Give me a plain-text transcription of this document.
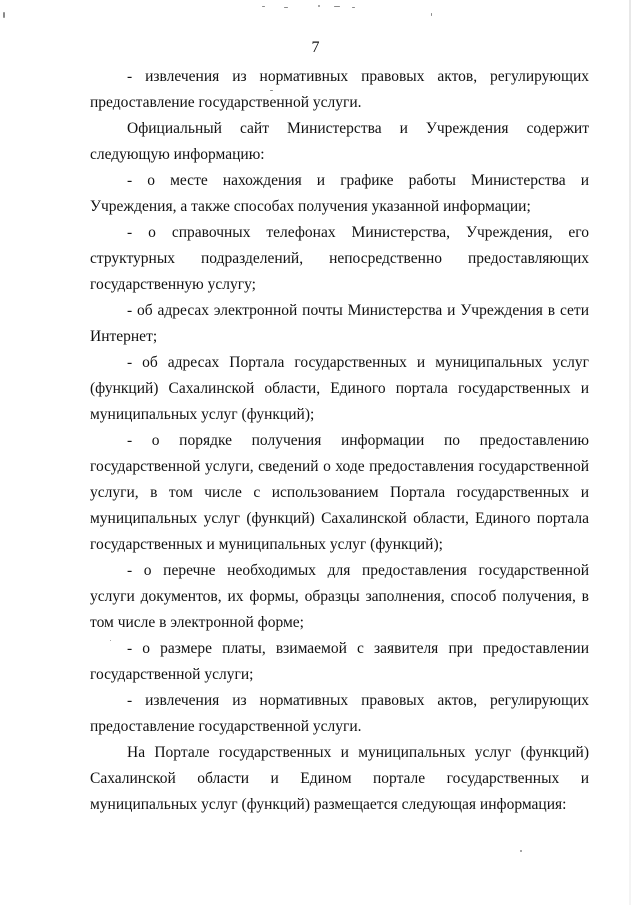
7

- извлечения из нормативных правовых актов, регулирующих предоставление государственной услуги.

Официальный сайт Министерства и Учреждения содержит следующую информацию:

- о месте нахождения и графике работы Министерства и Учреждения, а также способах получения указанной информации;

- о справочных телефонах Министерства, Учреждения, его структурных подразделений, непосредственно предоставляющих государственную услугу;

- об адресах электронной почты Министерства и Учреждения в сети Интернет;

- об адресах Портала государственных и муниципальных услуг (функций) Сахалинской области, Единого портала государственных и муниципальных услуг (функций);

- о порядке получения информации по предоставлению государственной услуги, сведений о ходе предоставления государственной услуги, в том числе с использованием Портала государственных и муниципальных услуг (функций) Сахалинской области, Единого портала государственных и муниципальных услуг (функций);

- о перечне необходимых для предоставления государственной услуги документов, их формы, образцы заполнения, способ получения, в том числе в электронной форме;

- о размере платы, взимаемой с заявителя при предоставлении государственной услуги;

- извлечения из нормативных правовых актов, регулирующих предоставление государственной услуги.

На Портале государственных и муниципальных услуг (функций) Сахалинской области и Едином портале государственных и муниципальных услуг (функций) размещается следующая информация:
